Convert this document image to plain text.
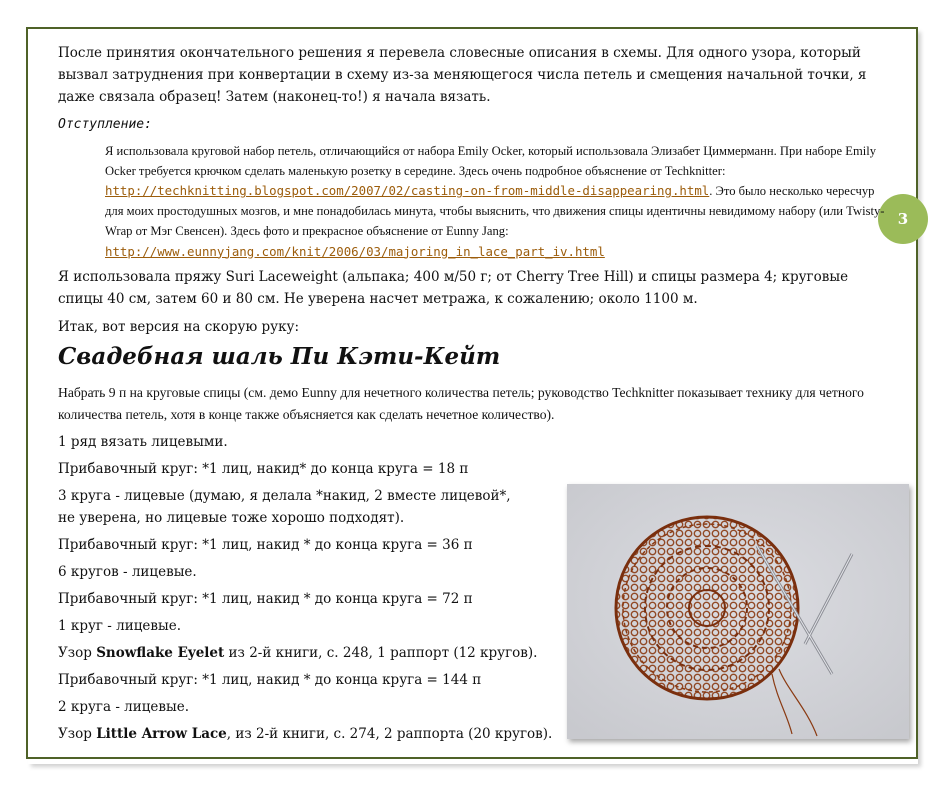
3

После принятия окончательного решения я перевела словесные описания в схемы. Для одного узора, который вызвал затруднения при конвертации в схему из-за меняющегося числа петель и смещения начальной точки, я даже связала образец! Затем (наконец-то!) я начала вязать.

Отступление:

Я использовала круговой набор петель, отличающийся от набора Emily Ocker, который использовала Элизабет Циммерманн. При наборе Emily Ocker требуется крючком сделать маленькую розетку в середине. Здесь очень подробное объяснение от Techknitter: http://techknitting.blogspot.com/2007/02/casting-on-from-middle-disappearing.html. Это было несколько чересчур для моих простодушных мозгов, и мне понадобилась минута, чтобы выяснить, что движения спицы идентичны невидимому набору (или Twisty-Wrap от Мэг Свенсен). Здесь фото и прекрасное объяснение от Eunny Jang: http://www.eunnyjang.com/knit/2006/03/majoring_in_lace_part_iv.html

Я использовала пряжу Suri Laceweight (альпака; 400 м/50 г; от Cherry Tree Hill) и спицы размера 4; круговые спицы 40 см, затем 60 и 80 см. Не уверена насчет метража, к сожалению; около 1100 м.

Итак, вот версия на скорую руку:

Свадебная шаль Пи Кэти-Кейт

Набрать 9 п на круговые спицы (см. демо Eunny для нечетного количества петель; руководство Techknitter показывает технику для четного количества петель, хотя в конце также объясняется как сделать нечетное количество).

1 ряд вязать лицевыми.

Прибавочный круг: *1 лиц, накид* до конца круга = 18 п

3 круга - лицевые (думаю, я делала *накид, 2 вместе лицевой*, не уверена, но лицевые тоже хорошо подходят).

Прибавочный круг: *1 лиц, накид * до конца круга = 36 п

6 кругов - лицевые.

Прибавочный круг: *1 лиц, накид * до конца круга = 72 п

1 круг - лицевые.

Узор Snowflake Eyelet из 2-й книги, с. 248, 1 раппорт (12 кругов).

Прибавочный круг: *1 лиц, накид * до конца круга = 144 п

2 круга - лицевые.

Узор Little Arrow Lace, из 2-й книги, с. 274, 2 раппорта (20 кругов).
